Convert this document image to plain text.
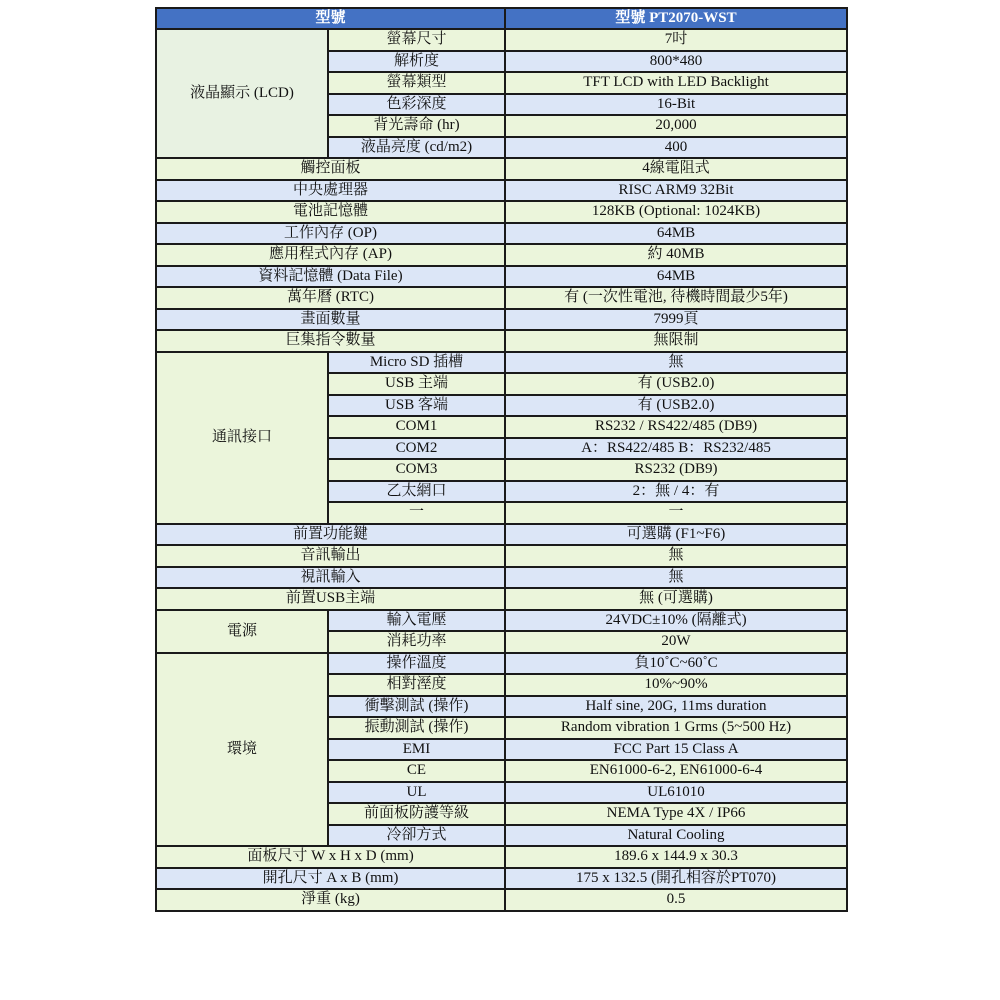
型號		型號 PT2070-WST
液晶顯示 (LCD)	螢幕尺寸	7吋
	解析度	800*480
	螢幕類型	TFT LCD with LED Backlight
	色彩深度	16-Bit
	背光壽命 (hr)	20,000
	液晶亮度 (cd/m2)	400
觸控面板		4線電阻式
中央處理器		RISC ARM9 32Bit
電池記憶體		128KB (Optional: 1024KB)
工作內存 (OP)		64MB
應用程式內存 (AP)		約 40MB
資料記憶體 (Data File)		64MB
萬年曆 (RTC)		有 (一次性電池, 待機時間最少5年)
畫面數量		7999頁
巨集指令數量		無限制
通訊接口	Micro SD 插槽	無
	USB 主端	有 (USB2.0)
	USB 客端	有 (USB2.0)
	COM1	RS232 / RS422/485 (DB9)
	COM2	A：RS422/485 B：RS232/485
	COM3	RS232 (DB9)
	乙太網口	2：無 / 4：有
	一	一
前置功能鍵		可選購 (F1~F6)
音訊輸出		無
視訊輸入		無
前置USB主端		無 (可選購)
電源	輸入電壓	24VDC±10% (隔離式)
	消耗功率	20W
環境	操作溫度	負10˚C~60˚C
	相對溼度	10%~90%
	衝擊測試 (操作)	Half sine, 20G, 11ms duration
	振動測試 (操作)	Random vibration 1 Grms (5~500 Hz)
	EMI	FCC Part 15 Class A
	CE	EN61000-6-2, EN61000-6-4
	UL	UL61010
	前面板防護等級	NEMA Type 4X / IP66
	冷卻方式	Natural Cooling
面板尺寸 W x H x D (mm)		189.6 x 144.9 x 30.3
開孔尺寸 A x B (mm)		175 x 132.5 (開孔相容於PT070)
淨重 (kg)		0.5
